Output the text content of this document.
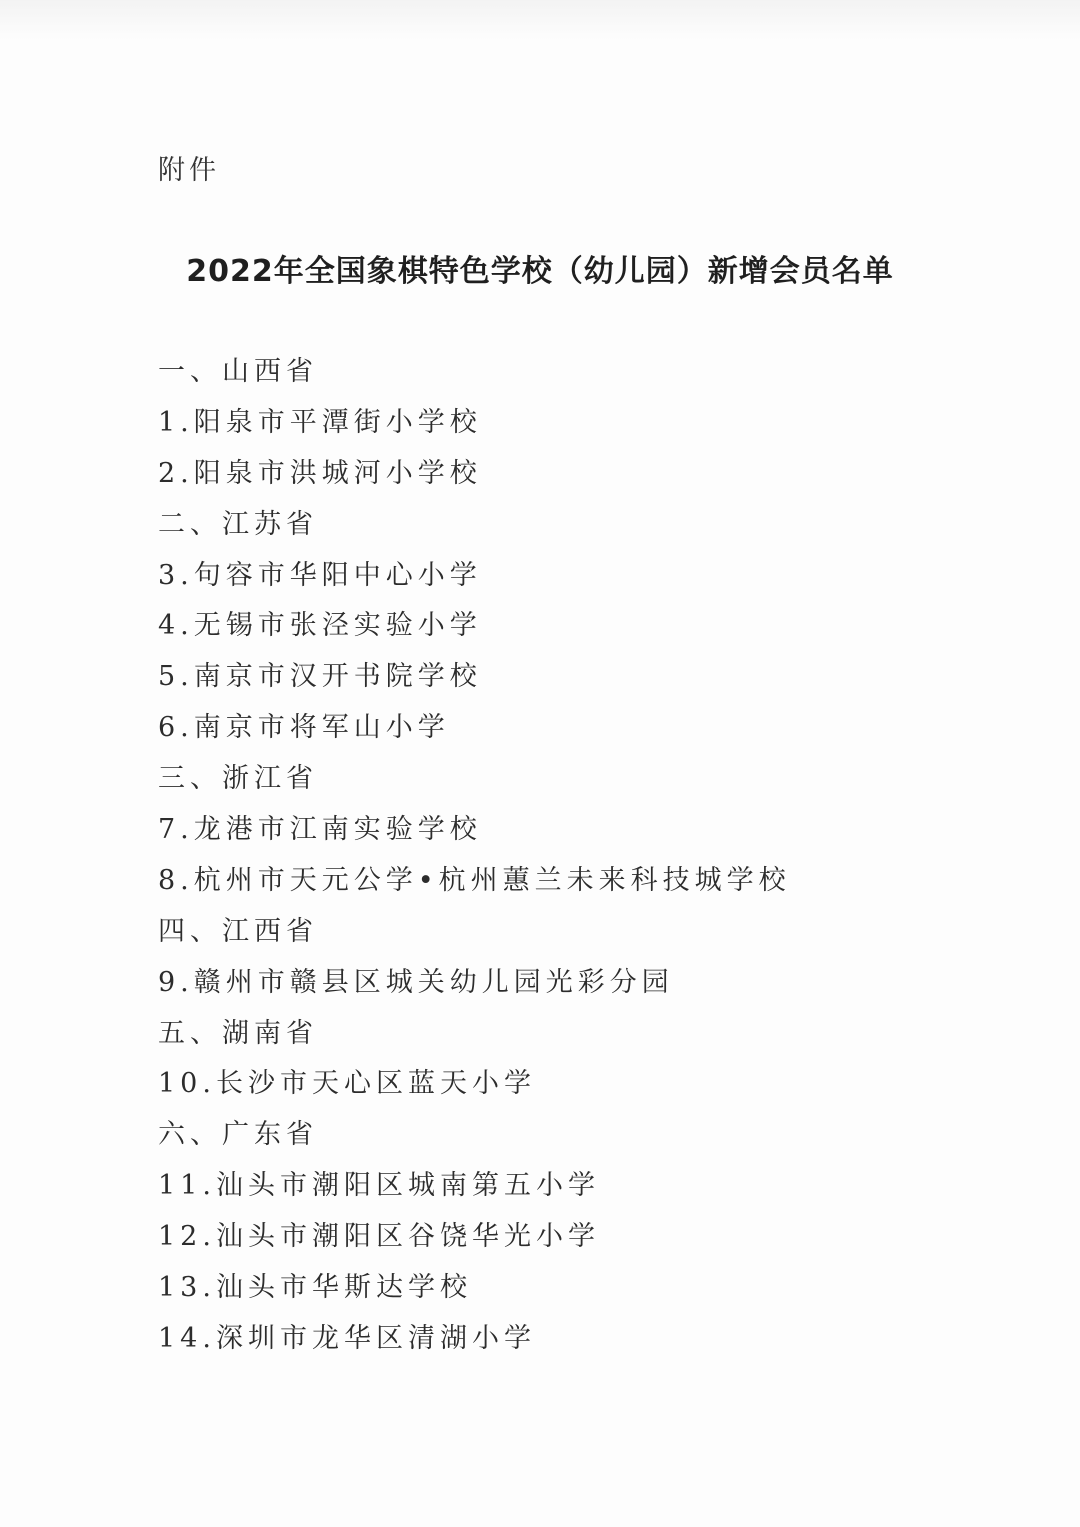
附件
2022年全国象棋特色学校（幼儿园）新增会员名单
一、山西省
1.阳泉市平潭街小学校
2.阳泉市洪城河小学校
二、江苏省
3.句容市华阳中心小学
4.无锡市张泾实验小学
5.南京市汉开书院学校
6.南京市将军山小学
三、浙江省
7.龙港市江南实验学校
8.杭州市天元公学•杭州蕙兰未来科技城学校
四、江西省
9.赣州市赣县区城关幼儿园光彩分园
五、湖南省
10.长沙市天心区蓝天小学
六、广东省
11.汕头市潮阳区城南第五小学
12.汕头市潮阳区谷饶华光小学
13.汕头市华斯达学校
14.深圳市龙华区清湖小学
